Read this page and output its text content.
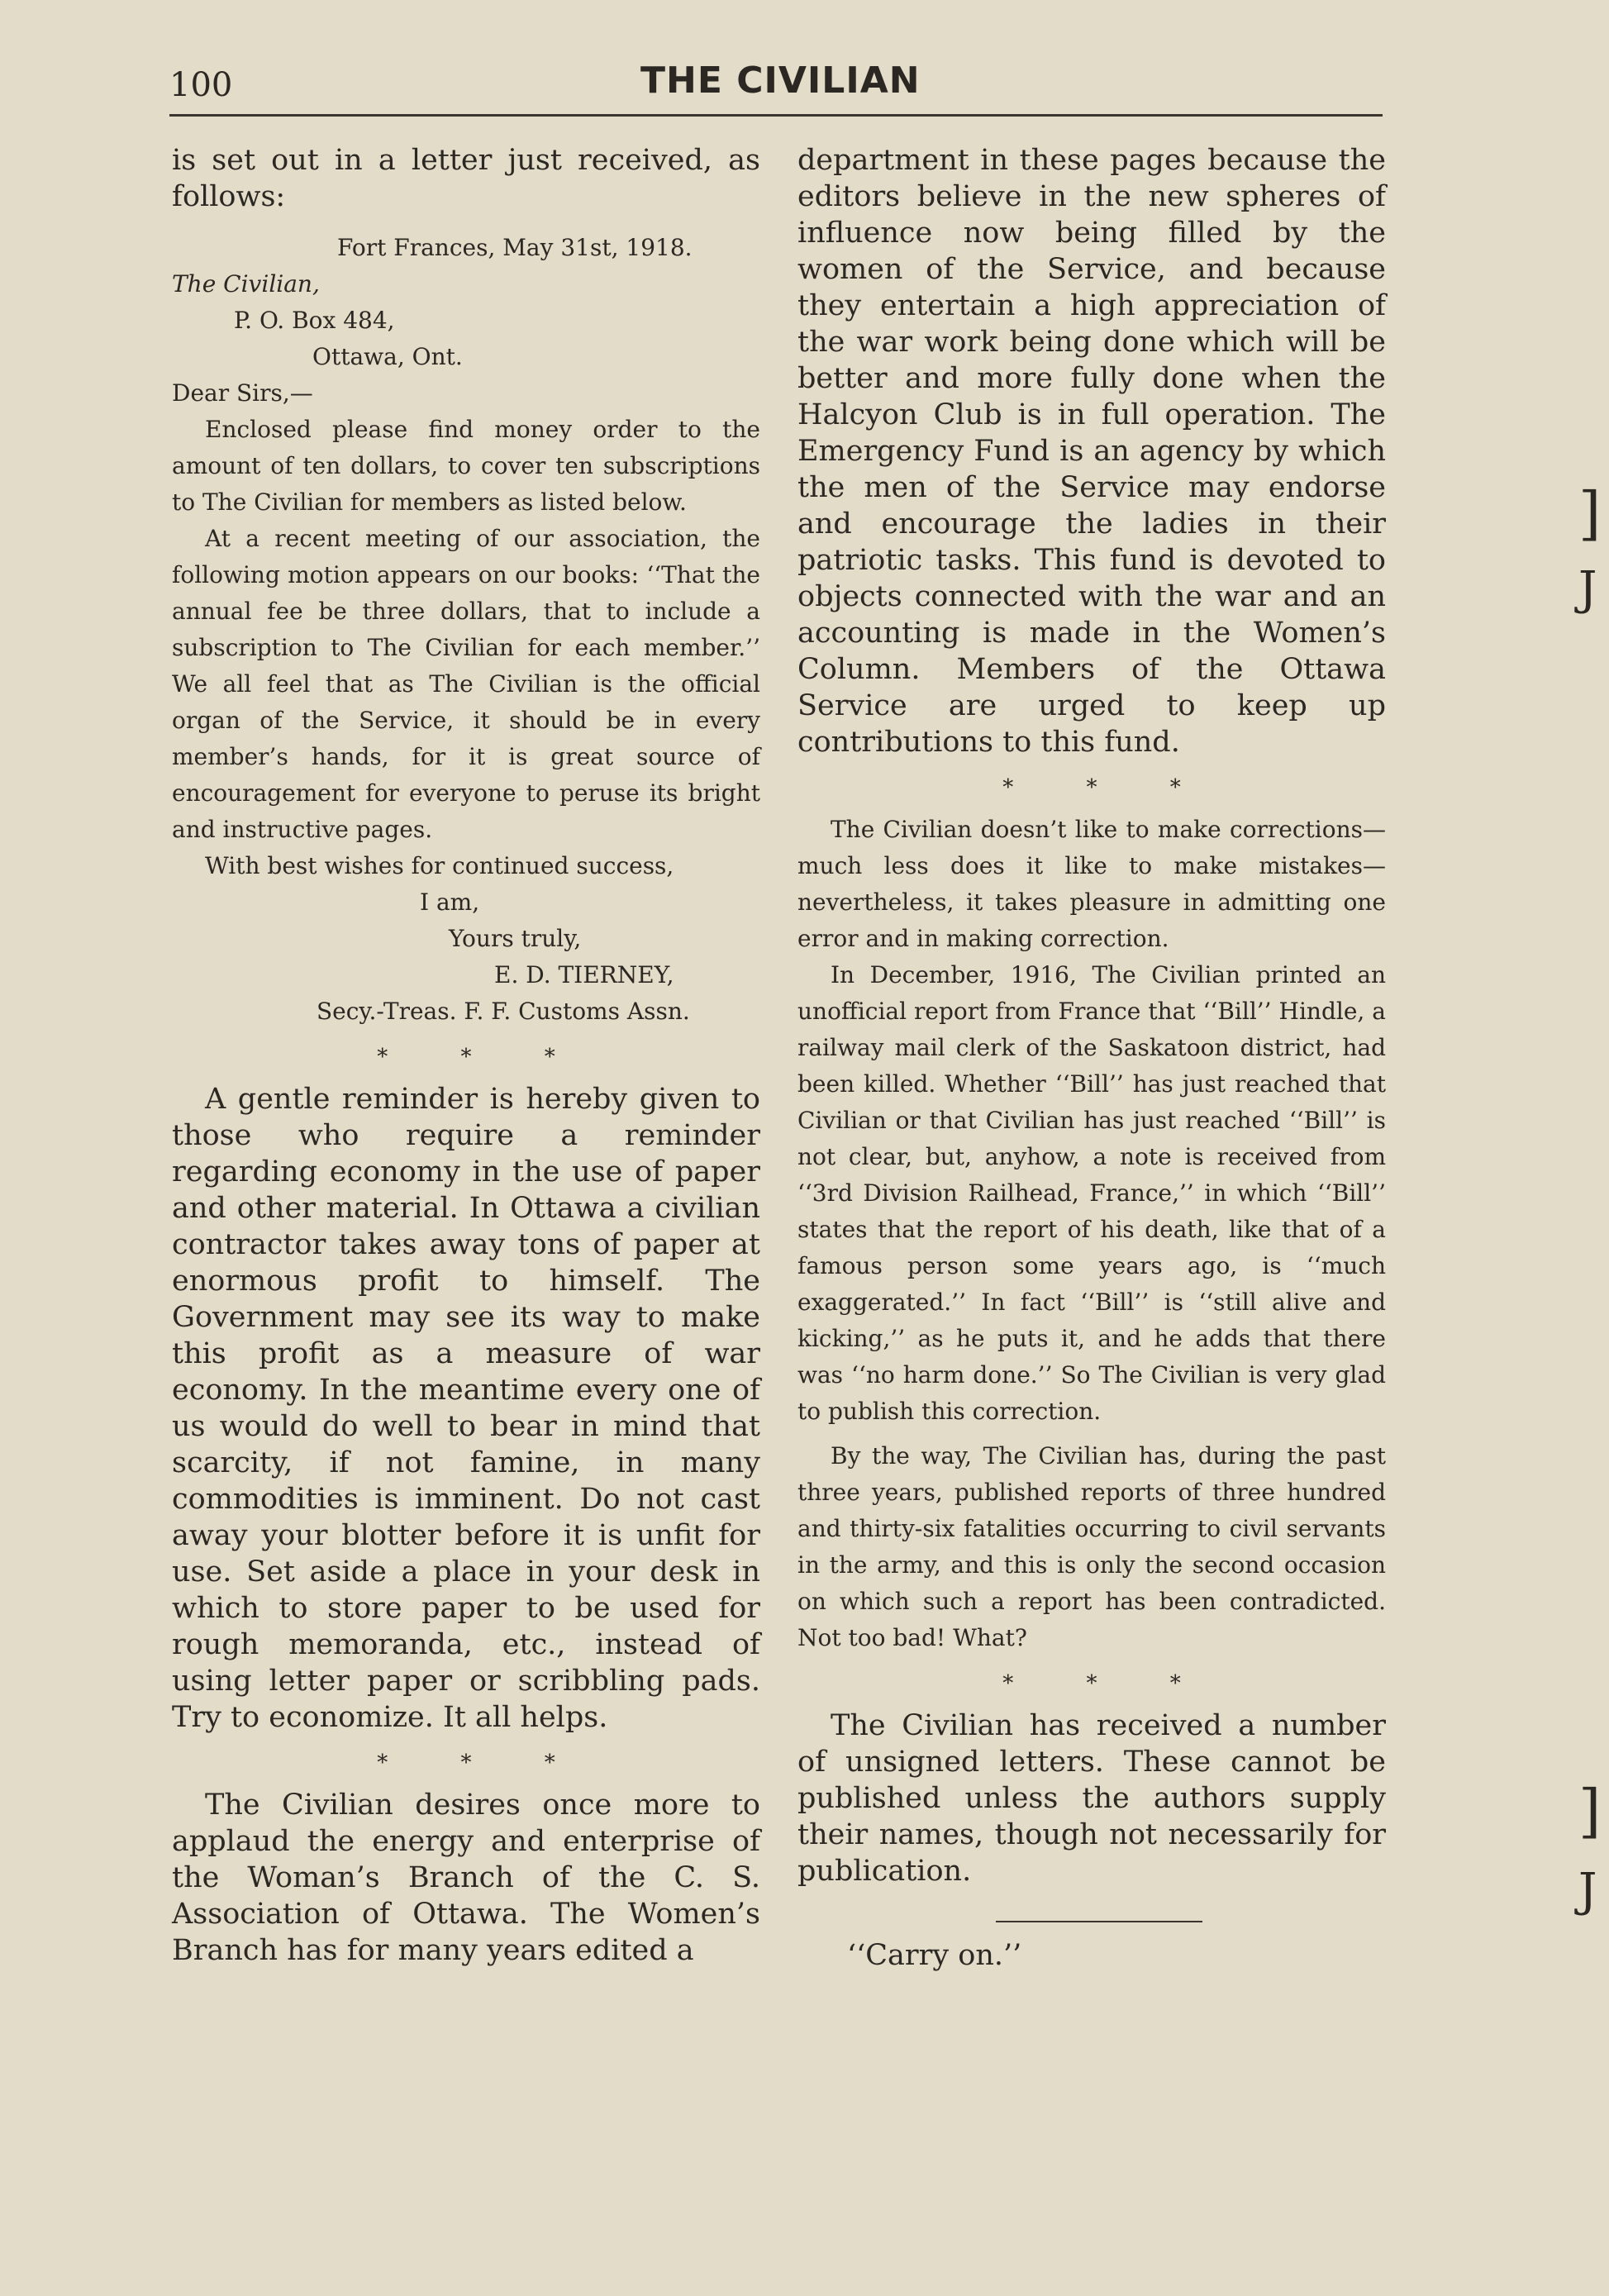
100	THE CIVILIAN

is set out in a letter just received, as follows:

Fort Frances, May 31st, 1918.

The Civilian,

P. O. Box 484,

Ottawa, Ont.

Dear Sirs,—

Enclosed please find money order to the amount of ten dollars, to cover ten subscriptions to The Civilian for members as listed below.

At a recent meeting of our association, the following motion appears on our books: ‘‘That the annual fee be three dollars, that to include a subscription to The Civilian for each member.’’ We all feel that as The Civilian is the official organ of the Service, it should be in every member’s hands, for it is great source of encouragement for everyone to peruse its bright and instructive pages.

With best wishes for continued success,

I am,

Yours truly,

E. D. TIERNEY,

Secy.-Treas. F. F. Customs Assn.

* * *

A gentle reminder is hereby given to those who require a reminder regarding economy in the use of paper and other material. In Ottawa a civilian contractor takes away tons of paper at enormous profit to himself. The Government may see its way to make this profit as a measure of war economy. In the meantime every one of us would do well to bear in mind that scarcity, if not famine, in many commodities is imminent. Do not cast away your blotter before it is unfit for use. Set aside a place in your desk in which to store paper to be used for rough memoranda, etc., instead of using letter paper or scribbling pads. Try to economize. It all helps.

* * *

The Civilian desires once more to applaud the energy and enterprise of the Woman’s Branch of the C. S. Association of Ottawa. The Women’s Branch has for many years edited a

department in these pages because the editors believe in the new spheres of influence now being filled by the women of the Service, and because they entertain a high appreciation of the war work being done which will be better and more fully done when the Halcyon Club is in full operation. The Emergency Fund is an agency by which the men of the Service may endorse and encourage the ladies in their patriotic tasks. This fund is devoted to objects connected with the war and an accounting is made in the Women’s Column. Members of the Ottawa Service are urged to keep up contributions to this fund.

* * *

The Civilian doesn’t like to make corrections—much less does it like to make mistakes—nevertheless, it takes pleasure in admitting one error and in making correction.

In December, 1916, The Civilian printed an unofficial report from France that ‘‘Bill’’ Hindle, a railway mail clerk of the Saskatoon district, had been killed. Whether ‘‘Bill’’ has just reached that Civilian or that Civilian has just reached ‘‘Bill’’ is not clear, but, anyhow, a note is received from ‘‘3rd Division Railhead, France,’’ in which ‘‘Bill’’ states that the report of his death, like that of a famous person some years ago, is ‘‘much exaggerated.’’ In fact ‘‘Bill’’ is ‘‘still alive and kicking,’’ as he puts it, and he adds that there was ‘‘no harm done.’’ So The Civilian is very glad to publish this correction.

By the way, The Civilian has, during the past three years, published reports of three hundred and thirty-six fatalities occurring to civil servants in the army, and this is only the second occasion on which such a report has been contradicted. Not too bad! What?

* * *

The Civilian has received a number of unsigned letters. These cannot be published unless the authors supply their names, though not necessarily for publication.

‘‘Carry on.’’

]
J
]
J
